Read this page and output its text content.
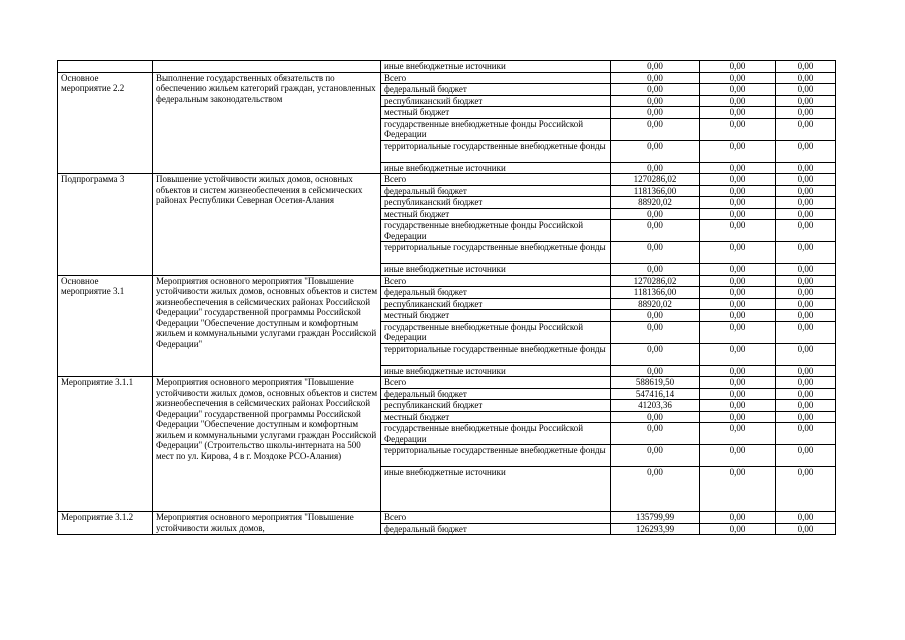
		иные внебюджетные источники	0,00	0,00	0,00
Основное мероприятие 2.2	Выполнение государственных обязательств по обеспечению жильем категорий граждан, установленных федеральным законодательством	Всего	0,00	0,00	0,00
		федеральный бюджет	0,00	0,00	0,00
		республиканский бюджет	0,00	0,00	0,00
		местный бюджет	0,00	0,00	0,00
		государственные внебюджетные фонды Российской Федерации	0,00	0,00	0,00
		территориальные государственные внебюджетные фонды	0,00	0,00	0,00
		иные внебюджетные источники	0,00	0,00	0,00
Подпрограмма 3	Повышение устойчивости жилых домов, основных объектов и систем жизнеобеспечения в сейсмических районах Республики Северная Осетия-Алания	Всего	1270286,02	0,00	0,00
		федеральный бюджет	1181366,00	0,00	0,00
		республиканский бюджет	88920,02	0,00	0,00
		местный бюджет	0,00	0,00	0,00
		государственные внебюджетные фонды Российской Федерации	0,00	0,00	0,00
		территориальные государственные внебюджетные фонды	0,00	0,00	0,00
		иные внебюджетные источники	0,00	0,00	0,00
Основное мероприятие 3.1	Мероприятия основного мероприятия "Повышение устойчивости жилых домов, основных объектов и систем жизнеобеспечения в сейсмических районах Российской Федерации" государственной программы Российской Федерации "Обеспечение доступным и комфортным жильем и коммунальными услугами граждан Российской Федерации"	Всего	1270286,02	0,00	0,00
		федеральный бюджет	1181366,00	0,00	0,00
		республиканский бюджет	88920,02	0,00	0,00
		местный бюджет	0,00	0,00	0,00
		государственные внебюджетные фонды Российской Федерации	0,00	0,00	0,00
		территориальные государственные внебюджетные фонды	0,00	0,00	0,00
		иные внебюджетные источники	0,00	0,00	0,00
Мероприятие 3.1.1	Мероприятия основного мероприятия "Повышение устойчивости жилых домов, основных объектов и систем жизнеобеспечения в сейсмических районах Российской Федерации" государственной программы Российской Федерации "Обеспечение доступным и комфортным жильем и коммунальными услугами граждан Российской Федерации" (Строительство школы-интерната на 500 мест по ул. Кирова, 4 в г. Моздоке РСО-Алания)	Всего	588619,50	0,00	0,00
		федеральный бюджет	547416,14	0,00	0,00
		республиканский бюджет	41203,36	0,00	0,00
		местный бюджет	0,00	0,00	0,00
		государственные внебюджетные фонды Российской Федерации	0,00	0,00	0,00
		территориальные государственные внебюджетные фонды	0,00	0,00	0,00
		иные внебюджетные источники	0,00	0,00	0,00
Мероприятие 3.1.2	Мероприятия основного мероприятия "Повышение устойчивости жилых домов,	Всего	135799,99	0,00	0,00
		федеральный бюджет	126293,99	0,00	0,00
